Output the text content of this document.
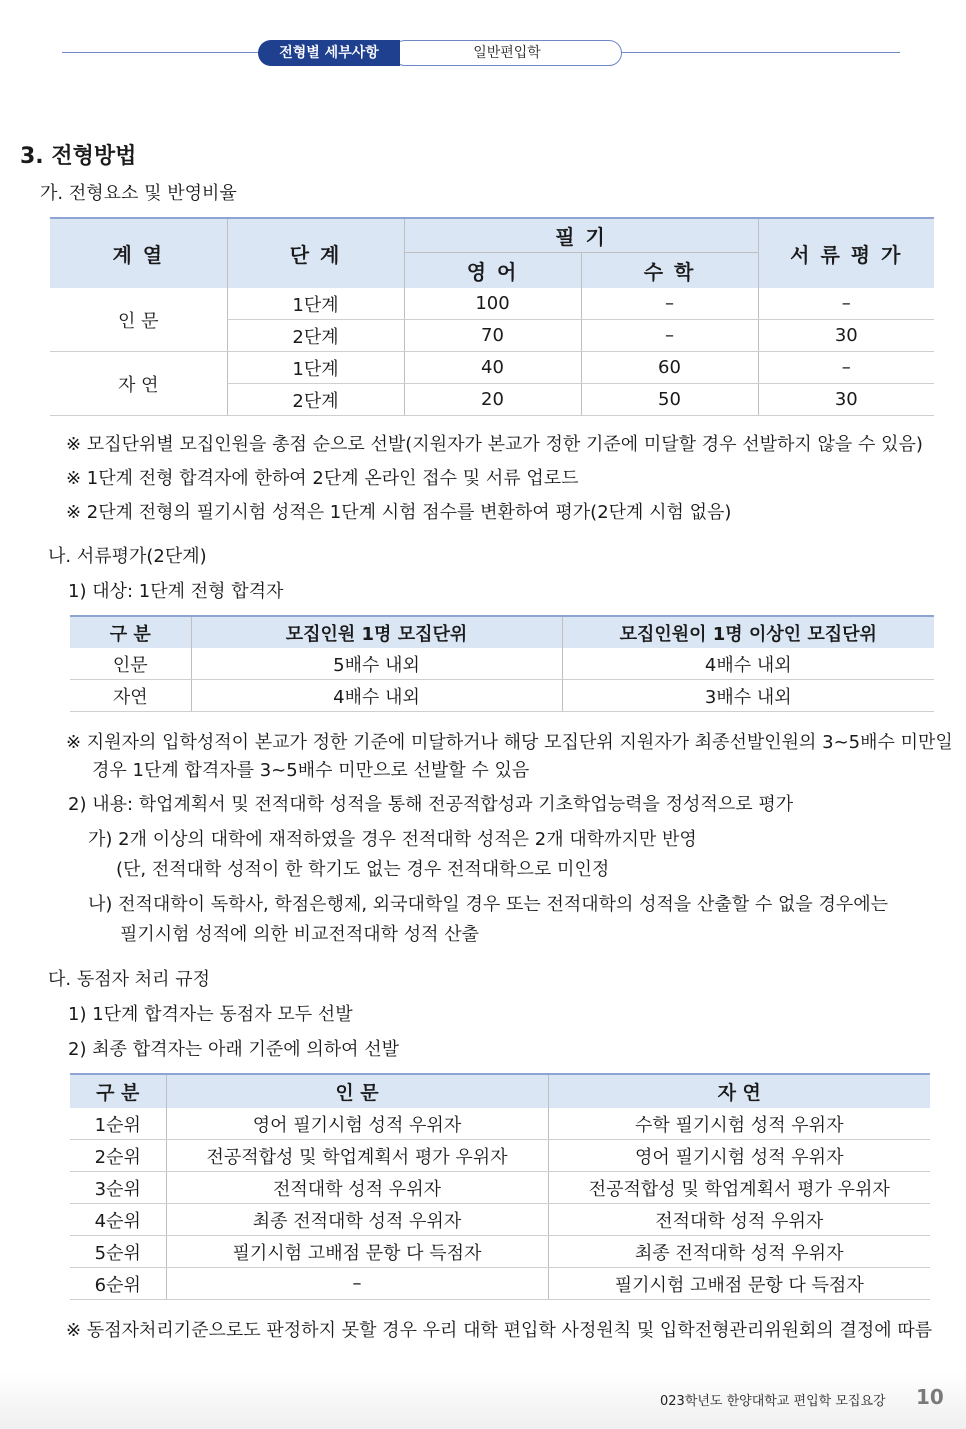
일반편입학
전형별 세부사항
3. 전형방법
가. 전형요소 및 반영비율
계 열	단 계	필 기		서 류 평 가
		영 어	수 학	
인 문	1단계	100	–	–
	2단계	70	–	30
자 연	1단계	40	60	–
	2단계	20	50	30
※ 모집단위별 모집인원을 총점 순으로 선발(지원자가 본교가 정한 기준에 미달할 경우 선발하지 않을 수 있음)
※ 1단계 전형 합격자에 한하여 2단계 온라인 접수 및 서류 업로드
※ 2단계 전형의 필기시험 성적은 1단계 시험 점수를 변환하여 평가(2단계 시험 없음)
나. 서류평가(2단계)
1) 대상: 1단계 전형 합격자
구 분	모집인원 1명 모집단위	모집인원이 1명 이상인 모집단위
인문	5배수 내외	4배수 내외
자연	4배수 내외	3배수 내외
※ 지원자의 입학성적이 본교가 정한 기준에 미달하거나 해당 모집단위 지원자가 최종선발인원의 3~5배수 미만일
경우 1단계 합격자를 3~5배수 미만으로 선발할 수 있음
2) 내용: 학업계획서 및 전적대학 성적을 통해 전공적합성과 기초학업능력을 정성적으로 평가
가) 2개 이상의 대학에 재적하였을 경우 전적대학 성적은 2개 대학까지만 반영
(단, 전적대학 성적이 한 학기도 없는 경우 전적대학으로 미인정
나) 전적대학이 독학사, 학점은행제, 외국대학일 경우 또는 전적대학의 성적을 산출할 수 없을 경우에는
필기시험 성적에 의한 비교전적대학 성적 산출
다. 동점자 처리 규정
1) 1단계 합격자는 동점자 모두 선발
2) 최종 합격자는 아래 기준에 의하여 선발
구 분	인 문	자 연
1순위	영어 필기시험 성적 우위자	수학 필기시험 성적 우위자
2순위	전공적합성 및 학업계획서 평가 우위자	영어 필기시험 성적 우위자
3순위	전적대학 성적 우위자	전공적합성 및 학업계획서 평가 우위자
4순위	최종 전적대학 성적 우위자	전적대학 성적 우위자
5순위	필기시험 고배점 문항 다 득점자	최종 전적대학 성적 우위자
6순위	–	필기시험 고배점 문항 다 득점자
※ 동점자처리기준으로도 판정하지 못할 경우 우리 대학 편입학 사정원칙 및 입학전형관리위원회의 결정에 따름
023학년도 한양대학교 편입학 모집요강 10
